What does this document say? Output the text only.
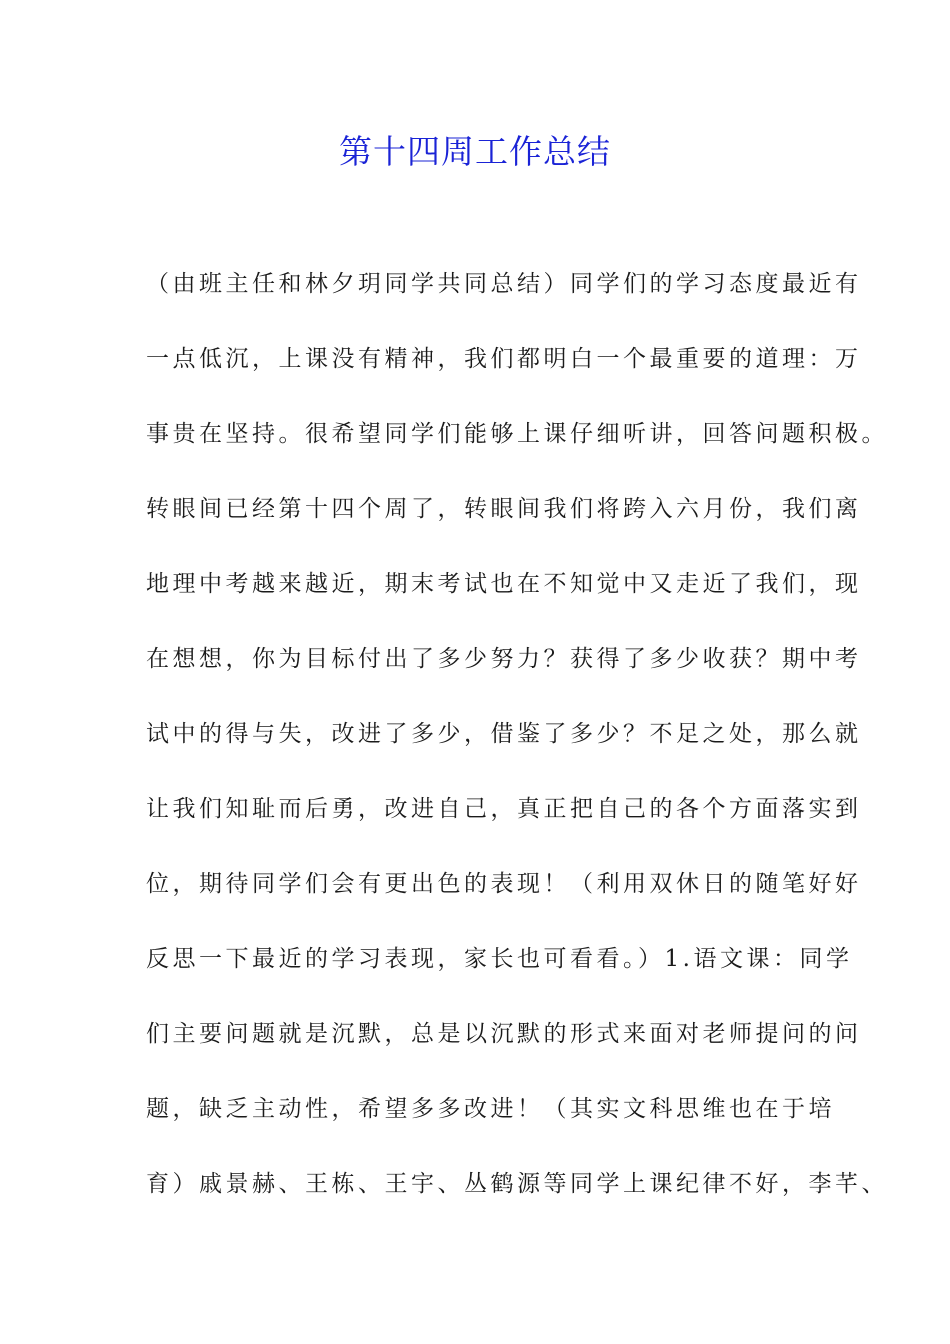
第十四周工作总结
（由班主任和林夕玥同学共同总结）同学们的学习态度最近有
一点低沉，上课没有精神，我们都明白一个最重要的道理：万
事贵在坚持。很希望同学们能够上课仔细听讲，回答问题积极。
转眼间已经第十四个周了，转眼间我们将跨入六月份，我们离
地理中考越来越近，期末考试也在不知觉中又走近了我们，现
在想想，你为目标付出了多少努力？获得了多少收获？期中考
试中的得与失，改进了多少，借鉴了多少？不足之处，那么就
让我们知耻而后勇，改进自己，真正把自己的各个方面落实到
位，期待同学们会有更出色的表现！（利用双休日的随笔好好
反思一下最近的学习表现，家长也可看看。）1.语文课：同学
们主要问题就是沉默，总是以沉默的形式来面对老师提问的问
题，缺乏主动性，希望多多改进！（其实文科思维也在于培
育）戚景赫、王栋、王宇、丛鹤源等同学上课纪律不好，李芊、
